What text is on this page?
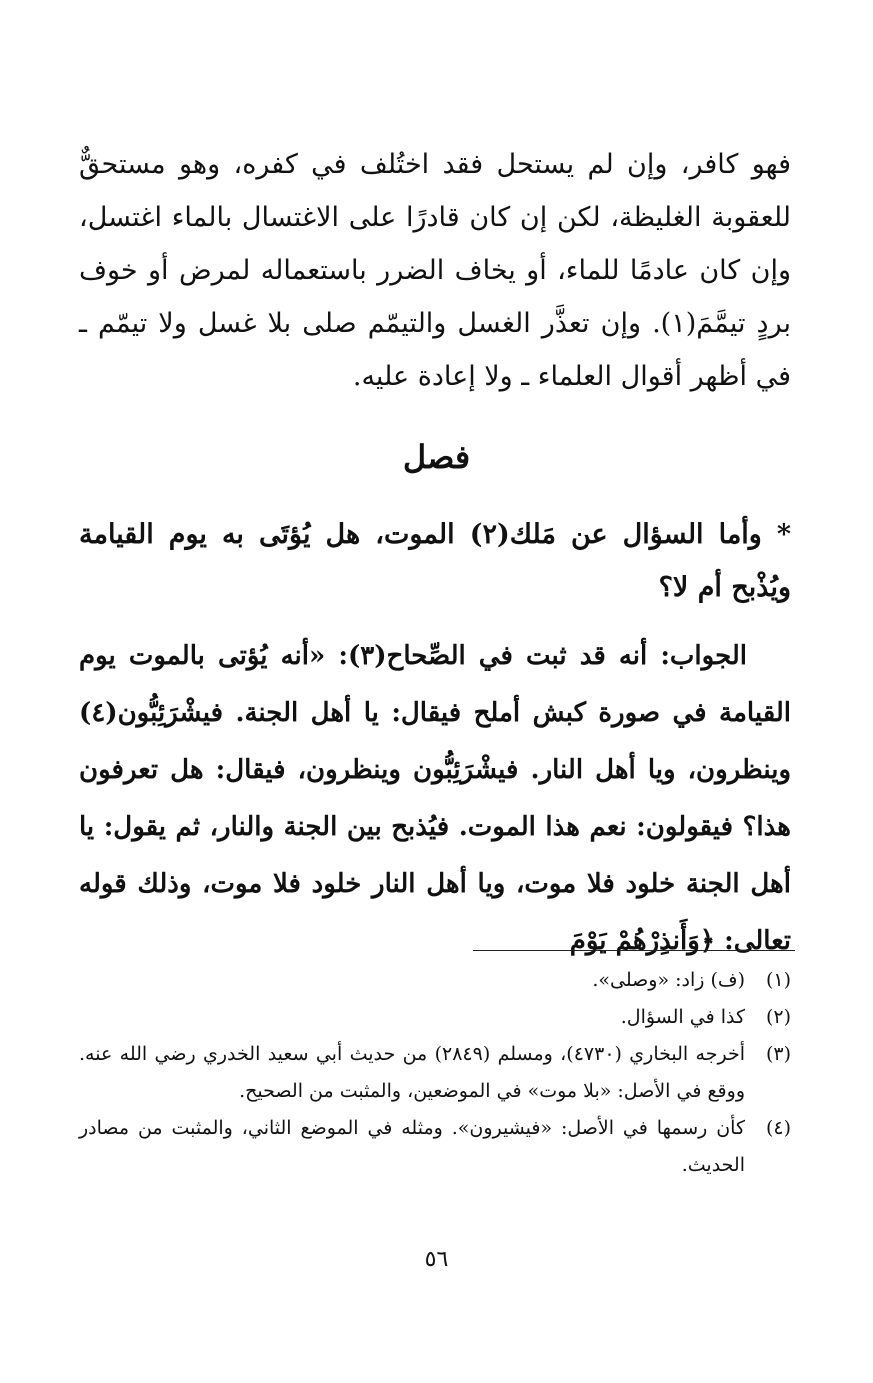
فهو كافر، وإن لم يستحل فقد اختُلف في كفره، وهو مستحقٌّ للعقوبة الغليظة، لكن إن كان قادرًا على الاغتسال بالماء اغتسل، وإن كان عادمًا للماء، أو يخاف الضرر باستعماله لمرض أو خوف بردٍ تيمَّمَ(١). وإن تعذَّر الغسل والتيمّم صلى بلا غسل ولا تيمّم ـ في أظهر أقوال العلماء ـ ولا إعادة عليه.

فصل

* وأما السؤال عن مَلك(٢) الموت، هل يُؤتَى به يوم القيامة ويُذْبح أم لا؟

الجواب: أنه قد ثبت في الصِّحاح(٣): «أنه يُؤتى بالموت يوم القيامة في صورة كبش أملح فيقال: يا أهل الجنة. فيشْرَئِبُّون(٤) وينظرون، ويا أهل النار. فيشْرَئِبُّون وينظرون، فيقال: هل تعرفون هذا؟ فيقولون: نعم هذا الموت. فيُذبح بين الجنة والنار، ثم يقول: يا أهل الجنة خلود فلا موت، ويا أهل النار خلود فلا موت، وذلك قوله تعالى: ﴿وَأَنذِرْهُمْ يَوْمَ

(١)
(ف) زاد: «وصلى».
(٢)
كذا في السؤال.
(٣)
أخرجه البخاري (٤٧٣٠)، ومسلم (٢٨٤٩) من حديث أبي سعيد الخدري رضي الله عنه. ووقع في الأصل: «بلا موت» في الموضعين، والمثبت من الصحيح.
(٤)
كأن رسمها في الأصل: «فيشيرون». ومثله في الموضع الثاني، والمثبت من مصادر الحديث.
٥٦
